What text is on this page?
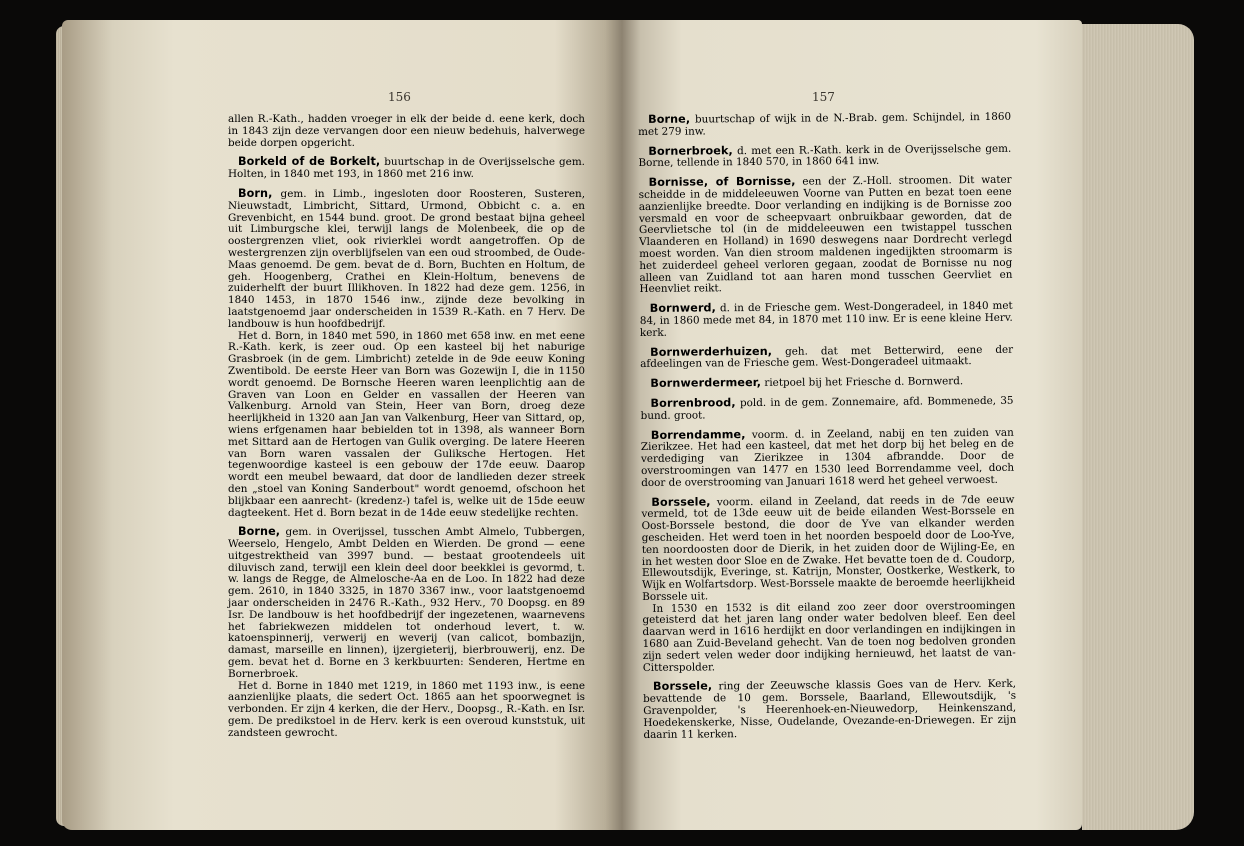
156	157

allen R.-Kath., hadden vroeger in elk der beide d. eene kerk, doch in 1843 zijn deze vervangen door een nieuw bedehuis, halverwege beide dorpen opgericht.

Borkeld of de Borkelt, buurtschap in de Overijsselsche gem. Holten, in 1840 met 193, in 1860 met 216 inw.

Born, gem. in Limb., ingesloten door Roosteren, Susteren, Nieuwstadt, Limbricht, Sittard, Urmond, Obbicht c. a. en Grevenbicht, en 1544 bund. groot. De grond bestaat bijna geheel uit Limburgsche klei, terwijl langs de Molenbeek, die op de oostergrenzen vliet, ook rivierklei wordt aangetroffen. Op de westergrenzen zijn overblijfselen van een oud stroombed, de Oude-Maas genoemd. De gem. bevat de d. Born, Buchten en Holtum, de geh. Hoogenberg, Crathei en Klein-Holtum, benevens de zuiderhelft der buurt Illikhoven. In 1822 had deze gem. 1256, in 1840 1453, in 1870 1546 inw., zijnde deze bevolking in laatstgenoemd jaar onderscheiden in 1539 R.-Kath. en 7 Herv. De landbouw is hun hoofdbedrijf.

Het d. Born, in 1840 met 590, in 1860 met 658 inw. en met eene R.-Kath. kerk, is zeer oud. Op een kasteel bij het naburige Grasbroek (in de gem. Limbricht) zetelde in de 9de eeuw Koning Zwentibold. De eerste Heer van Born was Gozewijn I, die in 1150 wordt genoemd. De Bornsche Heeren waren leenplichtig aan de Graven van Loon en Gelder en vassallen der Heeren van Valkenburg. Arnold van Stein, Heer van Born, droeg deze heerlijkheid in 1320 aan Jan van Valkenburg, Heer van Sittard, op, wiens erfgenamen haar bebielden tot in 1398, als wanneer Born met Sittard aan de Hertogen van Gulik overging. De latere Heeren van Born waren vassalen der Guliksche Hertogen. Het tegenwoordige kasteel is een gebouw der 17de eeuw. Daarop wordt een meubel bewaard, dat door de landlieden dezer streek den „stoel van Koning Sanderbout" wordt genoemd, ofschoon het blijkbaar een aanrecht- (kredenz-) tafel is, welke uit de 15de eeuw dagteekent. Het d. Born bezat in de 14de eeuw stedelijke rechten.

Borne, gem. in Overijssel, tusschen Ambt Almelo, Tubbergen, Weerselo, Hengelo, Ambt Delden en Wierden. De grond — eene uitgestrektheid van 3997 bund. — bestaat grootendeels uit diluvisch zand, terwijl een klein deel door beekklei is gevormd, t. w. langs de Regge, de Almelosche-Aa en de Loo. In 1822 had deze gem. 2610, in 1840 3325, in 1870 3367 inw., voor laatstgenoemd jaar onderscheiden in 2476 R.-Kath., 932 Herv., 70 Doopsg. en 89 Isr. De landbouw is het hoofdbedrijf der ingezetenen, waarnevens het fabriekwezen middelen tot onderhoud levert, t. w. katoenspinnerij, verwerij en weverij (van calicot, bombazijn, damast, marseille en linnen), ijzergieterij, bierbrouwerij, enz. De gem. bevat het d. Borne en 3 kerkbuurten: Senderen, Hertme en Bornerbroek.

Het d. Borne in 1840 met 1219, in 1860 met 1193 inw., is eene aanzienlijke plaats, die sedert Oct. 1865 aan het spoorwegnet is verbonden. Er zijn 4 kerken, die der Herv., Doopsg., R.-Kath. en Isr. gem. De predikstoel in de Herv. kerk is een overoud kunststuk, uit zandsteen gewrocht.

Borne, buurtschap of wijk in de N.-Brab. gem. Schijndel, in 1860 met 279 inw.

Bornerbroek, d. met een R.-Kath. kerk in de Overijsselsche gem. Borne, tellende in 1840 570, in 1860 641 inw.

Bornisse, of Bornisse, een der Z.-Holl. stroomen. Dit water scheidde in de middeleeuwen Voorne van Putten en bezat toen eene aanzienlijke breedte. Door verlanding en indijking is de Bornisse zoo versmald en voor de scheepvaart onbruikbaar geworden, dat de Geervlietsche tol (in de middeleeuwen een twistappel tusschen Vlaanderen en Holland) in 1690 deswegens naar Dordrecht verlegd moest worden. Van dien stroom maldenen ingedijkten stroomarm is het zuiderdeel geheel verloren gegaan, zoodat de Bornisse nu nog alleen van Zuidland tot aan haren mond tusschen Geervliet en Heenvliet reikt.

Bornwerd, d. in de Friesche gem. West-Dongeradeel, in 1840 met 84, in 1860 mede met 84, in 1870 met 110 inw. Er is eene kleine Herv. kerk.

Bornwerderhuizen, geh. dat met Betterwird, eene der afdeelingen van de Friesche gem. West-Dongeradeel uitmaakt.

Bornwerdermeer, rietpoel bij het Friesche d. Bornwerd.

Borrenbrood, pold. in de gem. Zonnemaire, afd. Bommenede, 35 bund. groot.

Borrendamme, voorm. d. in Zeeland, nabij en ten zuiden van Zierikzee. Het had een kasteel, dat met het dorp bij het beleg en de verdediging van Zierikzee in 1304 afbrandde. Door de overstroomingen van 1477 en 1530 leed Borrendamme veel, doch door de overstrooming van Januari 1618 werd het geheel verwoest.

Borssele, voorm. eiland in Zeeland, dat reeds in de 7de eeuw vermeld, tot de 13de eeuw uit de beide eilanden West-Borssele en Oost-Borssele bestond, die door de Yve van elkander werden gescheiden. Het werd toen in het noorden bespoeld door de Loo-Yve, ten noordoosten door de Dierik, in het zuiden door de Wijling-Ee, en in het westen door Sloe en de Zwake. Het bevatte toen de d. Coudorp, Ellewoutsdijk, Everinge, st. Katrijn, Monster, Oostkerke, Westkerk, to Wijk en Wolfartsdorp. West-Borssele maakte de beroemde heerlijkheid Borssele uit.

In 1530 en 1532 is dit eiland zoo zeer door overstroomingen geteisterd dat het jaren lang onder water bedolven bleef. Een deel daarvan werd in 1616 herdijkt en door verlandingen en indijkingen in 1680 aan Zuid-Beveland gehecht. Van de toen nog bedolven gronden zijn sedert velen weder door indijking hernieuwd, het laatst de van-Citterspolder.

Borssele, ring der Zeeuwsche klassis Goes van de Herv. Kerk, bevattende de 10 gem. Borssele, Baarland, Ellewoutsdijk, 's Gravenpolder, 's Heerenhoek-en-Nieuwedorp, Heinkenszand, Hoedekenskerke, Nisse, Oudelande, Ovezande-en-Driewegen. Er zijn daarin 11 kerken.
